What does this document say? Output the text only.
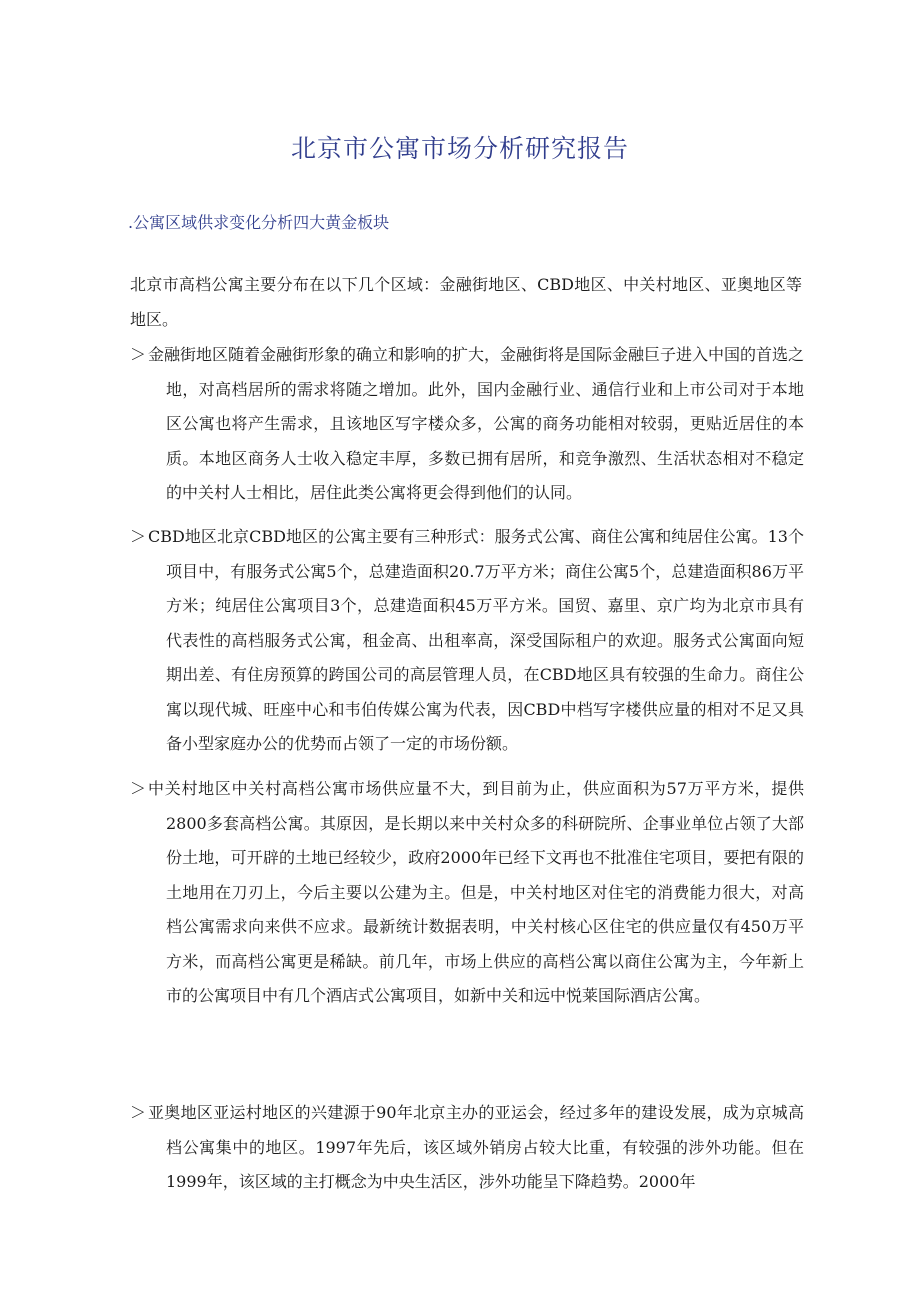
北京市公寓市场分析研究报告
.公寓区域供求变化分析四大黄金板块
北京市高档公寓主要分布在以下几个区域：金融街地区、CBD地区、中关村地区、亚奥地区等地区。
＞ 金融街地区随着金融街形象的确立和影响的扩大，金融街将是国际金融巨子进入中国的首选之地，对高档居所的需求将随之增加。此外，国内金融行业、通信行业和上市公司对于本地区公寓也将产生需求，且该地区写字楼众多，公寓的商务功能相对较弱，更贴近居住的本质。本地区商务人士收入稳定丰厚，多数已拥有居所，和竞争激烈、生活状态相对不稳定的中关村人士相比，居住此类公寓将更会得到他们的认同。
＞ CBD地区北京CBD地区的公寓主要有三种形式：服务式公寓、商住公寓和纯居住公寓。13个项目中，有服务式公寓5个，总建造面积20.7万平方米；商住公寓5个，总建造面积86万平方米；纯居住公寓项目3个，总建造面积45万平方米。国贸、嘉里、京广均为北京市具有代表性的高档服务式公寓，租金高、出租率高，深受国际租户的欢迎。服务式公寓面向短期出差、有住房预算的跨国公司的高层管理人员，在CBD地区具有较强的生命力。商住公寓以现代城、旺座中心和韦伯传媒公寓为代表，因CBD中档写字楼供应量的相对不足又具备小型家庭办公的优势而占领了一定的市场份额。
＞ 中关村地区中关村高档公寓市场供应量不大，到目前为止，供应面积为57万平方米，提供2800多套高档公寓。其原因，是长期以来中关村众多的科研院所、企事业单位占领了大部份土地，可开辟的土地已经较少，政府2000年已经下文再也不批准住宅项目，要把有限的土地用在刀刃上，今后主要以公建为主。但是，中关村地区对住宅的消费能力很大，对高档公寓需求向来供不应求。最新统计数据表明，中关村核心区住宅的供应量仅有450万平方米，而高档公寓更是稀缺。前几年，市场上供应的高档公寓以商住公寓为主，今年新上市的公寓项目中有几个酒店式公寓项目，如新中关和远中悦莱国际酒店公寓。
＞ 亚奥地区亚运村地区的兴建源于90年北京主办的亚运会，经过多年的建设发展，成为京城高档公寓集中的地区。1997年先后，该区域外销房占较大比重，有较强的涉外功能。但在1999年，该区域的主打概念为中央生活区，涉外功能呈下降趋势。2000年
